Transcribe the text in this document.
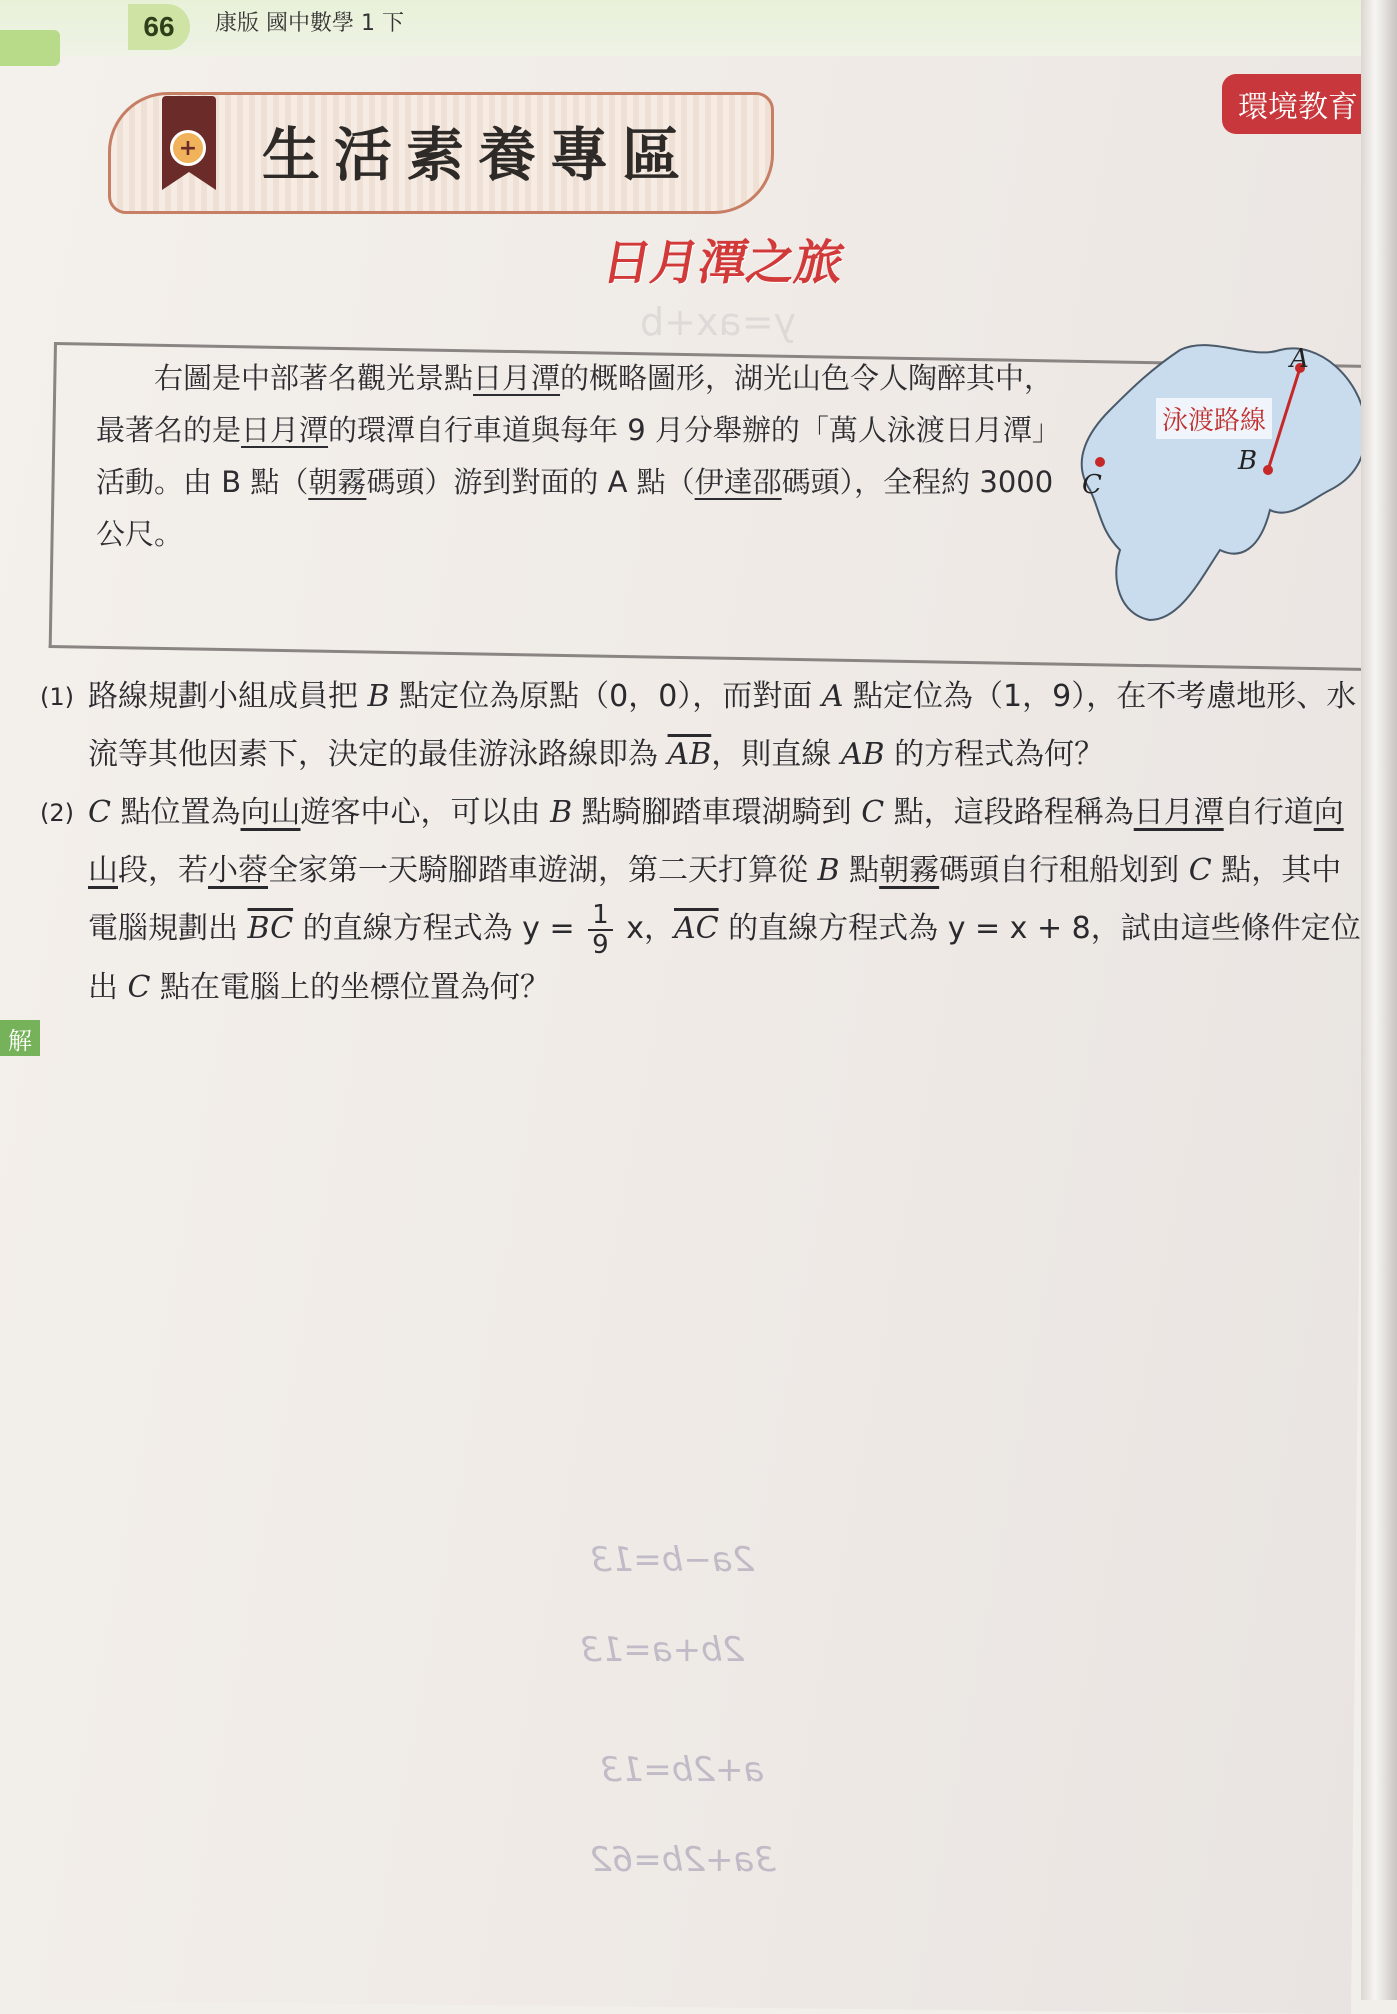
66	康版 國中數學 1 下
環境教育
y=ax+b
2a−b=13
2b+a=13
a+2b=13
3a+2b=62
+ 生活素養專區
日月潭之旅

右圖是中部著名觀光景點日月潭的概略圖形，湖光山色令人陶醉其中，最著名的是日月潭的環潭自行車道與每年 9 月分舉辦的「萬人泳渡日月潭」活動。由 B 點（朝霧碼頭）游到對面的 A 點（伊達邵碼頭），全程約 3000 公尺。

泳渡路線
A
B
C
(1) 路線規劃小組成員把 B 點定位為原點（0，0），而對面 A 點定位為（1，9），在不考慮地形、水流等其他因素下，決定的最佳游泳路線即為 $\overline{AB}$，則直線 AB 的方程式為何？
(2) C 點位置為向山遊客中心，可以由 B 點騎腳踏車環湖騎到 C 點，這段路程稱為日月潭自行道向山段，若小蓉全家第一天騎腳踏車遊湖，第二天打算從 B 點朝霧碼頭自行租船划到 C 點，其中電腦規劃出 $\overline{BC}$ 的直線方程式為 $y = \frac{1}{9}$ x，$\overline{AC}$ 的直線方程式為 y = x + 8，試由這些條件定位出 C 點在電腦上的坐標位置為何？
解
